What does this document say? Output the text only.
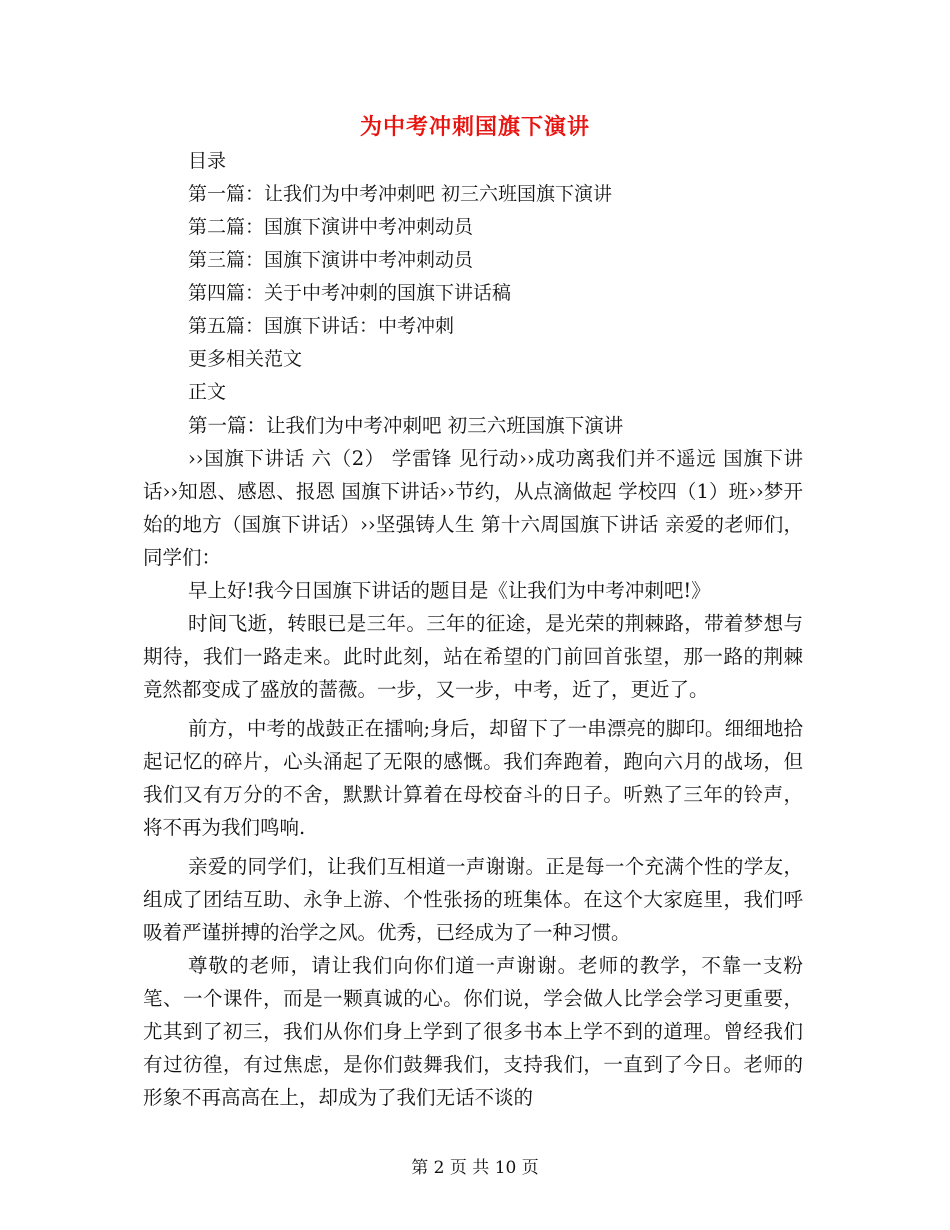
为中考冲刺国旗下演讲
目录
第一篇：让我们为中考冲刺吧 初三六班国旗下演讲
第二篇：国旗下演讲中考冲刺动员
第三篇：国旗下演讲中考冲刺动员
第四篇：关于中考冲刺的国旗下讲话稿
第五篇：国旗下讲话：中考冲刺
更多相关范文
正文

第一篇：让我们为中考冲刺吧 初三六班国旗下演讲

››国旗下讲话 六（2） 学雷锋 见行动››成功离我们并不遥远 国旗下讲话››知恩、感恩、报恩 国旗下讲话››节约，从点滴做起 学校四（1）班››梦开始的地方（国旗下讲话）››坚强铸人生 第十六周国旗下讲话 亲爱的老师们，同学们：

早上好!我今日国旗下讲话的题目是《让我们为中考冲刺吧!》

时间飞逝，转眼已是三年。三年的征途，是光荣的荆棘路，带着梦想与期待，我们一路走来。此时此刻，站在希望的门前回首张望，那一路的荆棘竟然都变成了盛放的蔷薇。一步，又一步，中考，近了，更近了。

前方，中考的战鼓正在擂响;身后，却留下了一串漂亮的脚印。细细地拾起记忆的碎片，心头涌起了无限的感慨。我们奔跑着，跑向六月的战场，但我们又有万分的不舍，默默计算着在母校奋斗的日子。听熟了三年的铃声，将不再为我们鸣响.

亲爱的同学们，让我们互相道一声谢谢。正是每一个充满个性的学友，组成了团结互助、永争上游、个性张扬的班集体。在这个大家庭里，我们呼吸着严谨拼搏的治学之风。优秀，已经成为了一种习惯。

尊敬的老师，请让我们向你们道一声谢谢。老师的教学，不靠一支粉笔、一个课件，而是一颗真诚的心。你们说，学会做人比学会学习更重要，尤其到了初三，我们从你们身上学到了很多书本上学不到的道理。曾经我们有过彷徨，有过焦虑，是你们鼓舞我们，支持我们，一直到了今日。老师的形象不再高高在上，却成为了我们无话不谈的

第 2 页 共 10 页
